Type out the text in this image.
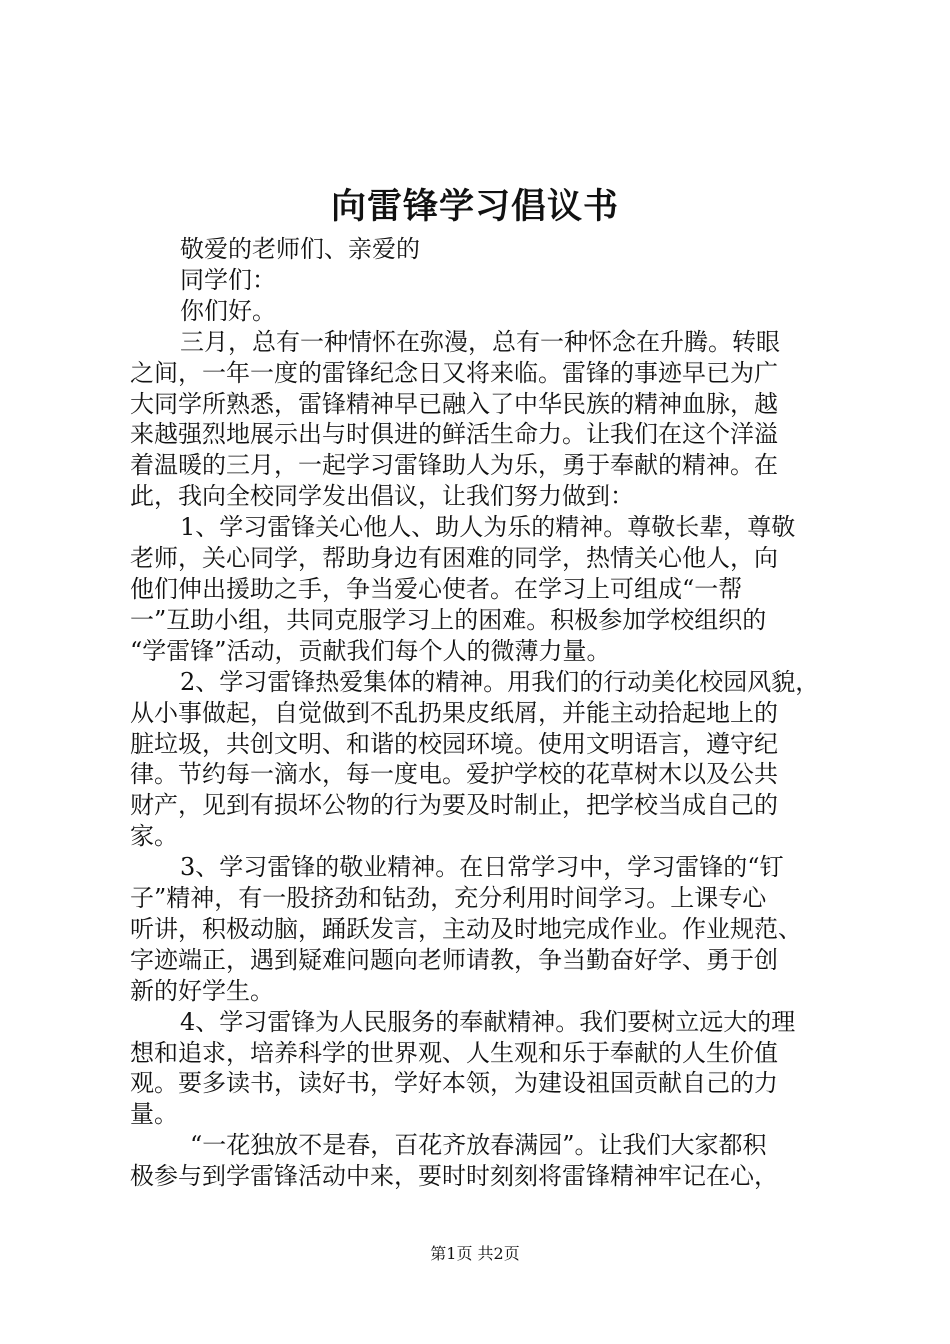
向雷锋学习倡议书
敬爱的老师们、亲爱的
同学们：
你们好。
三月，总有一种情怀在弥漫，总有一种怀念在升腾。转眼
之间，一年一度的雷锋纪念日又将来临。雷锋的事迹早已为广
大同学所熟悉，雷锋精神早已融入了中华民族的精神血脉，越
来越强烈地展示出与时俱进的鲜活生命力。让我们在这个洋溢
着温暖的三月，一起学习雷锋助人为乐，勇于奉献的精神。在
此，我向全校同学发出倡议，让我们努力做到：
1、学习雷锋关心他人、助人为乐的精神。尊敬长辈，尊敬
老师，关心同学，帮助身边有困难的同学，热情关心他人，向
他们伸出援助之手，争当爱心使者。在学习上可组成“一帮
一”互助小组，共同克服学习上的困难。积极参加学校组织的
“学雷锋”活动，贡献我们每个人的微薄力量。
2、学习雷锋热爱集体的精神。用我们的行动美化校园风貌，
从小事做起，自觉做到不乱扔果皮纸屑，并能主动拾起地上的
脏垃圾，共创文明、和谐的校园环境。使用文明语言，遵守纪
律。节约每一滴水，每一度电。爱护学校的花草树木以及公共
财产，见到有损坏公物的行为要及时制止，把学校当成自己的
家。
3、学习雷锋的敬业精神。在日常学习中，学习雷锋的“钉
子”精神，有一股挤劲和钻劲，充分利用时间学习。上课专心
听讲，积极动脑，踊跃发言，主动及时地完成作业。作业规范、
字迹端正，遇到疑难问题向老师请教，争当勤奋好学、勇于创
新的好学生。
4、学习雷锋为人民服务的奉献精神。我们要树立远大的理
想和追求，培养科学的世界观、人生观和乐于奉献的人生价值
观。要多读书，读好书，学好本领，为建设祖国贡献自己的力
量。
“一花独放不是春，百花齐放春满园”。让我们大家都积
极参与到学雷锋活动中来，要时时刻刻将雷锋精神牢记在心，
第1页 共2页
